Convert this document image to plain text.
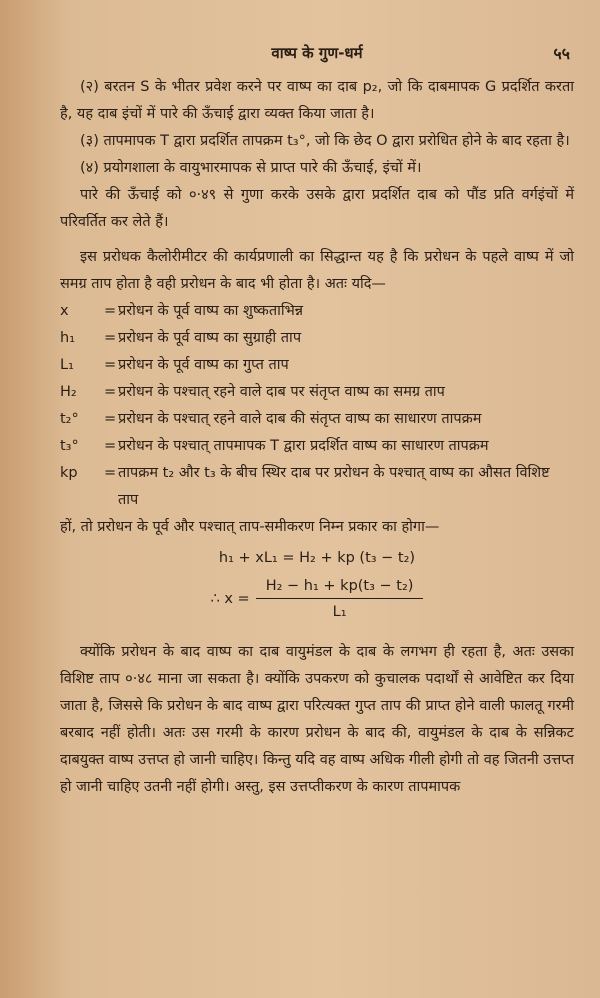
वाष्प के गुण-धर्म	५५

(२) बरतन S के भीतर प्रवेश करने पर वाष्प का दाब p₂, जो कि दाबमापक G प्रदर्शित करता है, यह दाब इंचों में पारे की ऊँचाई द्वारा व्यक्त किया जाता है।

(३) तापमापक T द्वारा प्रदर्शित तापक्रम t₃°, जो कि छेद O द्वारा प्ररोधित होने के बाद रहता है।

(४) प्रयोगशाला के वायुभारमापक से प्राप्त पारे की ऊँचाई, इंचों में।

पारे की ऊँचाई को ०·४९ से गुणा करके उसके द्वारा प्रदर्शित दाब को पौंड प्रति वर्गइंचों में परिवर्तित कर लेते हैं।

इस प्ररोधक कैलोरीमीटर की कार्यप्रणाली का सिद्धान्त यह है कि प्ररोधन के पहले वाष्प में जो समग्र ताप होता है वही प्ररोधन के बाद भी होता है। अतः यदि—

x	= प्ररोधन के पूर्व वाष्प का शुष्कताभिन्न
h₁	= प्ररोधन के पूर्व वाष्प का सुग्राही ताप
L₁	= प्ररोधन के पूर्व वाष्प का गुप्त ताप
H₂	= प्ररोधन के पश्चात् रहने वाले दाब पर संतृप्त वाष्प का समग्र ताप
t₂°	= प्ररोधन के पश्चात् रहने वाले दाब की संतृप्त वाष्प का साधारण तापक्रम
t₃°	= प्ररोधन के पश्चात् तापमापक T द्वारा प्रदर्शित वाष्प का साधारण तापक्रम
kp	= तापक्रम t₂ और t₃ के बीच स्थिर दाब पर प्ररोधन के पश्चात् वाष्प का औसत विशिष्ट ताप

हों, तो प्ररोधन के पूर्व और पश्चात् ताप-समीकरण निम्न प्रकार का होगा—

h₁ + xL₁ = H₂ + kp (t₃ − t₂)
∴ $x = \frac{\text{H₂ − h₁ + kp(t₃ − t₂)}}{\text{L₁}}$

क्योंकि प्ररोधन के बाद वाष्प का दाब वायुमंडल के दाब के लगभग ही रहता है, अतः उसका विशिष्ट ताप ०·४८ माना जा सकता है। क्योंकि उपकरण को कुचालक पदार्थों से आवेष्टित कर दिया जाता है, जिससे कि प्ररोधन के बाद वाष्प द्वारा परित्यक्त गुप्त ताप की प्राप्त होने वाली फालतू गरमी बरबाद नहीं होती। अतः उस गरमी के कारण प्ररोधन के बाद की, वायुमंडल के दाब के सन्निकट दाबयुक्त वाष्प उत्तप्त हो जानी चाहिए। किन्तु यदि वह वाष्प अधिक गीली होगी तो वह जितनी उत्तप्त हो जानी चाहिए उतनी नहीं होगी। अस्तु, इस उत्तप्तीकरण के कारण तापमापक
